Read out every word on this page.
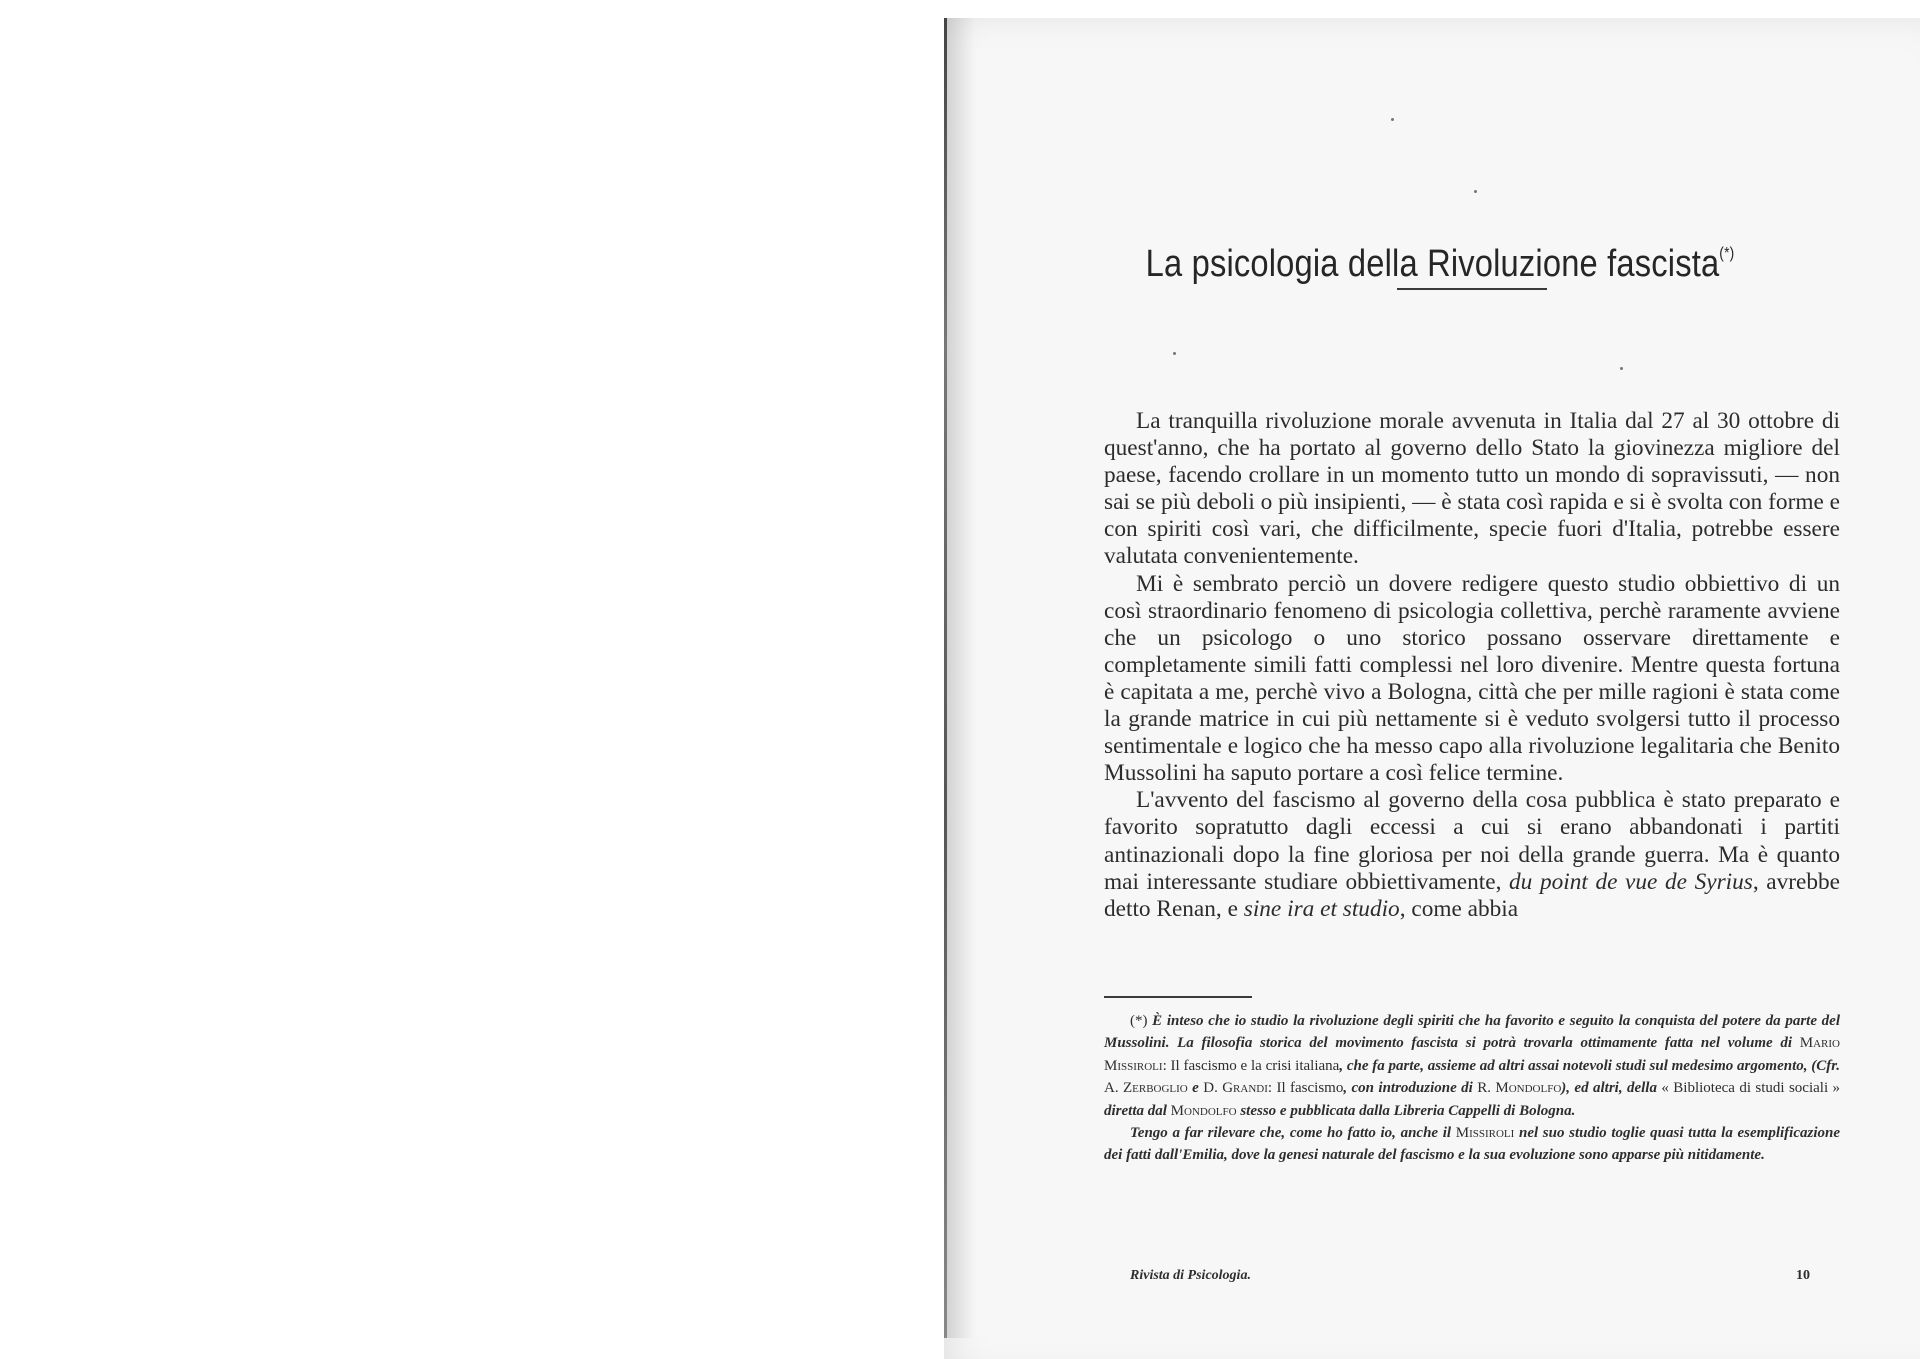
La psicologia della Rivoluzione fascista(*)

La tranquilla rivoluzione morale avvenuta in Italia dal 27 al 30 ottobre di quest'anno, che ha portato al governo dello Stato la giovinezza migliore del paese, facendo crollare in un momento tutto un mondo di sopravissuti, — non sai se più deboli o più insipienti, — è stata così rapida e si è svolta con forme e con spiriti così vari, che difficilmente, specie fuori d'Italia, potrebbe essere valutata convenientemente.

Mi è sembrato perciò un dovere redigere questo studio obbiettivo di un così straordinario fenomeno di psicologia collettiva, perchè raramente avviene che un psicologo o uno storico possano osservare direttamente e completamente simili fatti complessi nel loro divenire. Mentre questa fortuna è capitata a me, perchè vivo a Bologna, città che per mille ragioni è stata come la grande matrice in cui più nettamente si è veduto svolgersi tutto il processo sentimentale e logico che ha messo capo alla rivoluzione legalitaria che Benito Mussolini ha saputo portare a così felice termine.

L'avvento del fascismo al governo della cosa pubblica è stato preparato e favorito sopratutto dagli eccessi a cui si erano abbandonati i partiti antinazionali dopo la fine gloriosa per noi della grande guerra. Ma è quanto mai interessante studiare obbiettivamente, du point de vue de Syrius, avrebbe detto Renan, e sine ira et studio, come abbia

(*) È inteso che io studio la rivoluzione degli spiriti che ha favorito e seguito la conquista del potere da parte del Mussolini. La filosofia storica del movimento fascista si potrà trovarla ottimamente fatta nel volume di Mario Missiroli: Il fascismo e la crisi italiana, che fa parte, assieme ad altri assai notevoli studi sul medesimo argomento, (Cfr. A. Zerboglio e D. Grandi: Il fascismo, con introduzione di R. Mondolfo), ed altri, della « Biblioteca di studi sociali » diretta dal Mondolfo stesso e pubblicata dalla Libreria Cappelli di Bologna.

Tengo a far rilevare che, come ho fatto io, anche il Missiroli nel suo studio toglie quasi tutta la esemplificazione dei fatti dall'Emilia, dove la genesi naturale del fascismo e la sua evoluzione sono apparse più nitidamente.

Rivista di Psicologia.	10
